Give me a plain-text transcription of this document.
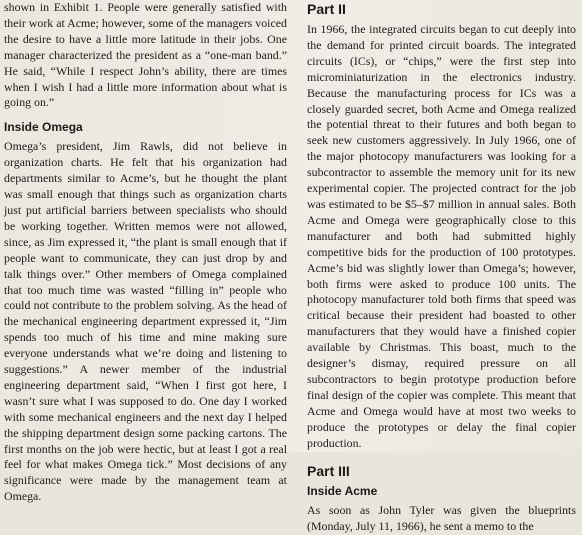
shown in Exhibit 1. People were generally satisfied with their work at Acme; however, some of the managers voiced the desire to have a little more latitude in their jobs. One manager characterized the president as a “one-man band.” He said, “While I respect John’s ability, there are times when I wish I had a little more information about what is going on.”

Inside Omega

Omega’s president, Jim Rawls, did not believe in organization charts. He felt that his organization had departments similar to Acme’s, but he thought the plant was small enough that things such as organization charts just put artificial barriers between specialists who should be working together. Written memos were not allowed, since, as Jim expressed it, “the plant is small enough that if people want to communicate, they can just drop by and talk things over.” Other members of Omega complained that too much time was wasted “filling in” people who could not contribute to the problem solving. As the head of the mechanical engineering department expressed it, “Jim spends too much of his time and mine making sure everyone understands what we’re doing and listening to suggestions.” A newer member of the industrial engineering department said, “When I first got here, I wasn’t sure what I was supposed to do. One day I worked with some mechanical engineers and the next day I helped the shipping department design some packing cartons. The first months on the job were hectic, but at least I got a real feel for what makes Omega tick.” Most decisions of any significance were made by the management team at Omega.

Part II

In 1966, the integrated circuits began to cut deeply into the demand for printed circuit boards. The integrated circuits (ICs), or “chips,” were the first step into microminiaturization in the electronics industry. Because the manufacturing process for ICs was a closely guarded secret, both Acme and Omega realized the potential threat to their futures and both began to seek new customers aggressively. In July 1966, one of the major photocopy manufacturers was looking for a subcontractor to assemble the memory unit for its new experimental copier. The projected contract for the job was estimated to be $5–$7 million in annual sales. Both Acme and Omega were geographically close to this manufacturer and both had submitted highly competitive bids for the production of 100 prototypes. Acme’s bid was slightly lower than Omega’s; however, both firms were asked to produce 100 units. The photocopy manufacturer told both firms that speed was critical because their president had boasted to other manufacturers that they would have a finished copier available by Christmas. This boast, much to the designer’s dismay, required pressure on all subcontractors to begin prototype production before final design of the copier was complete. This meant that Acme and Omega would have at most two weeks to produce the prototypes or delay the final copier production.

Part III
Inside Acme

As soon as John Tyler was given the blueprints (Monday, July 11, 1966), he sent a memo to the
